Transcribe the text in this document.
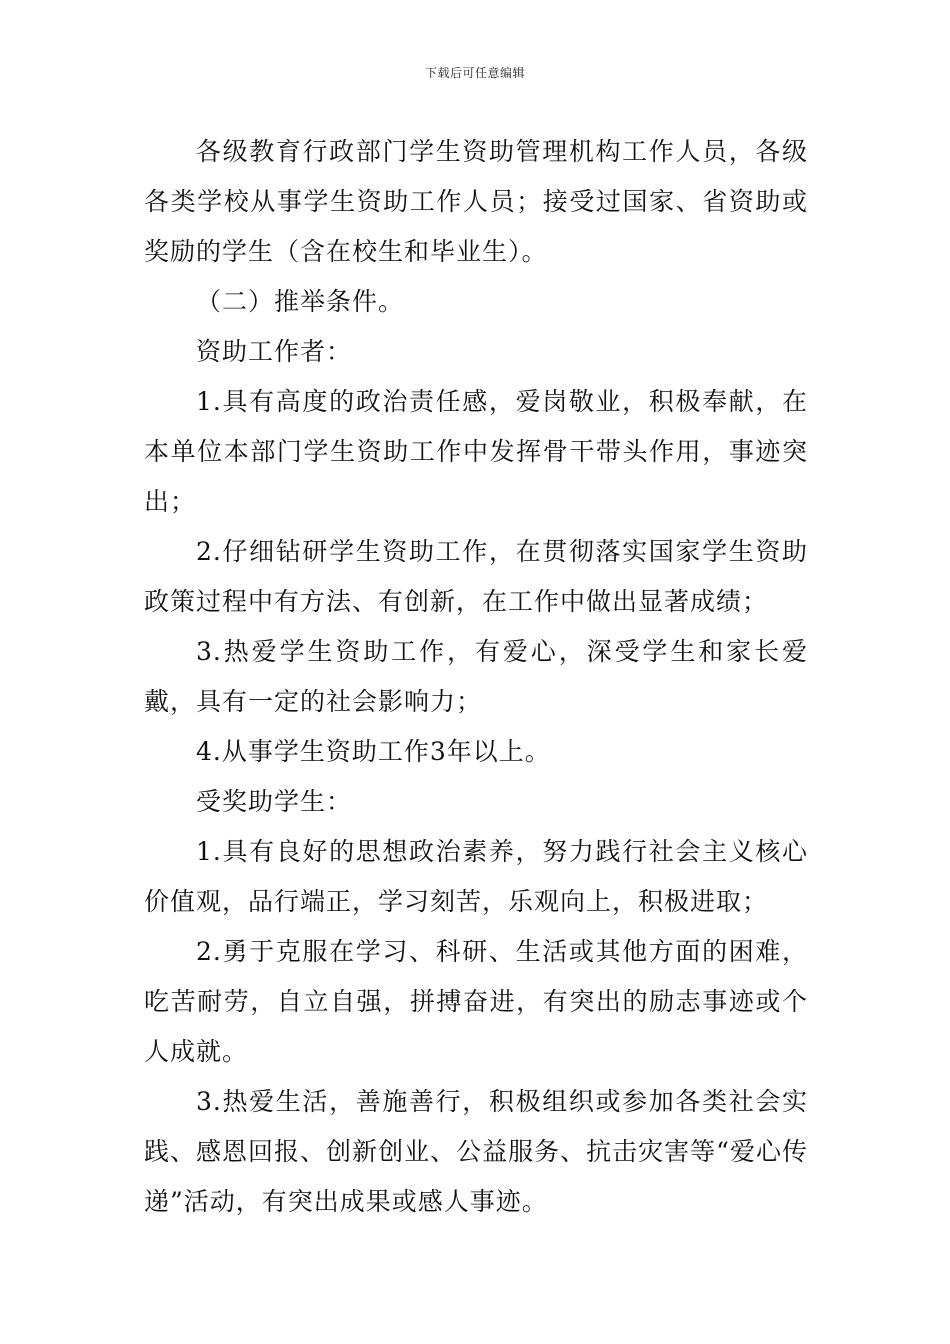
下载后可任意编辑

各级教育行政部门学生资助管理机构工作人员，各级各类学校从事学生资助工作人员；接受过国家、省资助或奖励的学生（含在校生和毕业生）。

（二）推举条件。

资助工作者：

1.具有高度的政治责任感，爱岗敬业，积极奉献，在本单位本部门学生资助工作中发挥骨干带头作用，事迹突出；

2.仔细钻研学生资助工作，在贯彻落实国家学生资助政策过程中有方法、有创新，在工作中做出显著成绩；

3.热爱学生资助工作，有爱心，深受学生和家长爱戴，具有一定的社会影响力；

4.从事学生资助工作3年以上。

受奖助学生：

1.具有良好的思想政治素养，努力践行社会主义核心价值观，品行端正，学习刻苦，乐观向上，积极进取；

2.勇于克服在学习、科研、生活或其他方面的困难，吃苦耐劳，自立自强，拼搏奋进，有突出的励志事迹或个人成就。

3.热爱生活，善施善行，积极组织或参加各类社会实践、感恩回报、创新创业、公益服务、抗击灾害等“爱心传递”活动，有突出成果或感人事迹。
